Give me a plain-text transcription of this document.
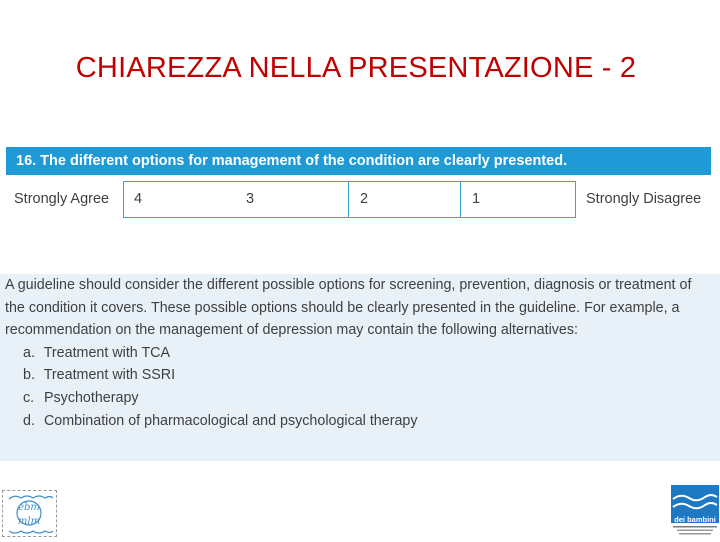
CHIAREZZA NELLA PRESENTAZIONE - 2
16. The different options for management of the condition are clearly presented.
Strongly Agree 4	3	2	1	Strongly Disagree

A guideline should consider the different possible options for screening, prevention, diagnosis or treatment of the condition it covers. These possible options should be clearly presented in the guideline. For example, a recommendation on the management of depression may contain the following alternatives:

a. Treatment with TCA
b. Treatment with SSRI
c. Psychotherapy
d. Combination of pharmacological and psychological therapy
ebm
mlm	dei bambini
